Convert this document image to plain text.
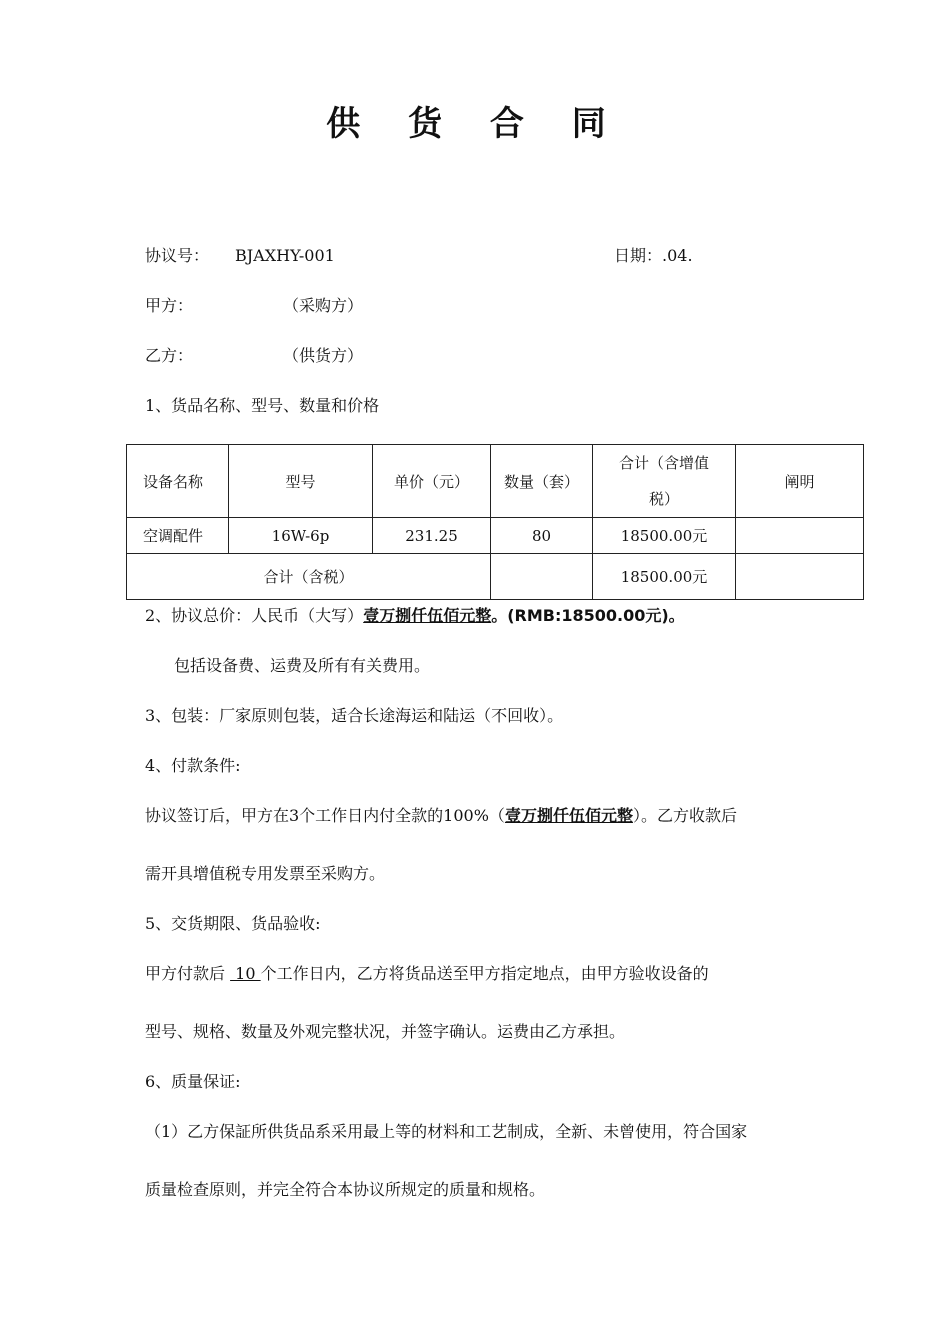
供 货 合 同
协议号： BJAXHY-001	日期：.04.
甲方：	（采购方）
乙方：	（供货方）
1、货品名称、型号、数量和价格
设备名称	型号	单价（元）	数量（套）	合计（含增值税）	阐明
空调配件	16W-6p	231.25	80	18500.00元	
合计（含税）				18500.00元	
2、协议总价：人民币（大写）壹万捌仟伍佰元整。(RMB:18500.00元)。
包括设备费、运费及所有有关费用。
3、包装：厂家原则包装，适合长途海运和陆运（不回收）。
4、付款条件:
协议签订后，甲方在3个工作日内付全款的100%（壹万捌仟伍佰元整）。乙方收款后
需开具增值税专用发票至采购方。
5、交货期限、货品验收:
甲方付款后  10 个工作日内，乙方将货品送至甲方指定地点，由甲方验收设备的
型号、规格、数量及外观完整状况，并签字确认。运费由乙方承担。
6、质量保证:
（1）乙方保証所供货品系采用最上等的材料和工艺制成，全新、未曾使用，符合国家
质量检查原则，并完全符合本协议所规定的质量和规格。
